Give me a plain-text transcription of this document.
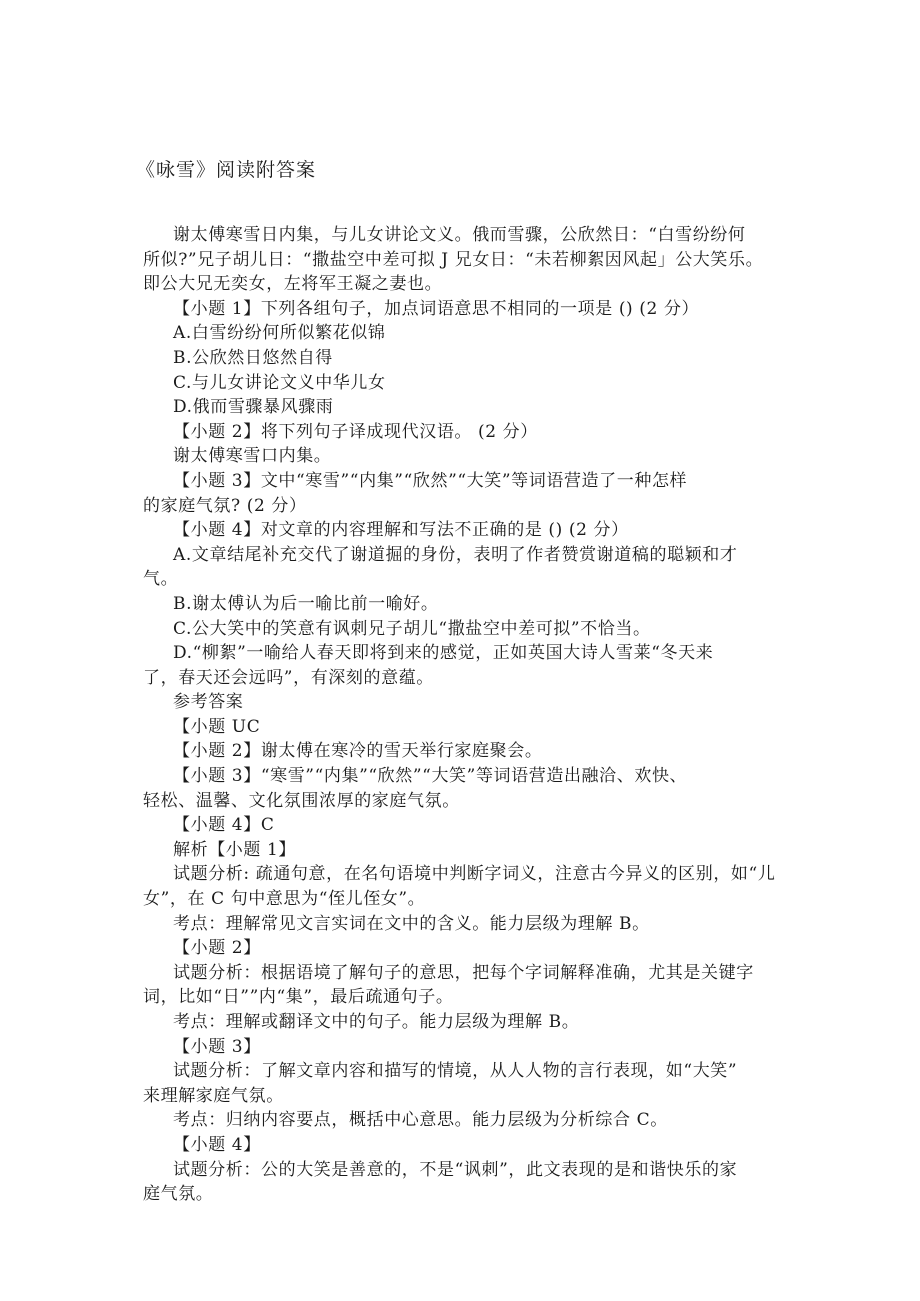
《咏雪》阅读附答案
谢太傅寒雪日内集，与儿女讲论文义。俄而雪骤，公欣然日：“白雪纷纷何
所似?”兄子胡儿日：“撒盐空中差可拟 J 兄女日：“未若柳絮因风起」公大笑乐。
即公大兄无奕女，左将军王凝之妻也。
【小题 1】下列各组句子，加点词语意思不相同的一项是 () (2 分）
A.白雪纷纷何所似繁花似锦
B.公欣然日悠然自得
C.与儿女讲论文义中华儿女
D.俄而雪骤暴风骤雨
【小题 2】将下列句子译成现代汉语。 (2 分）
谢太傅寒雪口内集。
【小题 3】文中“寒雪”“内集”“欣然”“大笑”等词语营造了一种怎样
的家庭气氛? (2 分）
【小题 4】对文章的内容理解和写法不正确的是 () (2 分）
A.文章结尾补充交代了谢道掘的身份，表明了作者赞赏谢道稿的聪颖和才
气。
B.谢太傅认为后一喻比前一喻好。
C.公大笑中的笑意有讽刺兄子胡儿“撒盐空中差可拟”不恰当。
D.“柳絮”一喻给人春天即将到来的感觉，正如英国大诗人雪莱“冬天来
了，春天还会远吗”，有深刻的意蕴。
参考答案
【小题 UC
【小题 2】谢太傅在寒冷的雪天举行家庭聚会。
【小题 3】“寒雪”“内集”“欣然”“大笑”等词语营造出融洽、欢快、
轻松、温馨、文化氛围浓厚的家庭气氛。
【小题 4】C
解析【小题 1】
试题分析: 疏通句意，在名句语境中判断字词义，注意古今异义的区别，如“儿
女”，在 C 句中意思为“侄儿侄女”。
考点：理解常见文言实词在文中的含义。能力层级为理解 B。
【小题 2】
试题分析：根据语境了解句子的意思，把每个字词解释准确，尤其是关键字
词，比如“日””内“集”，最后疏通句子。
考点：理解或翻译文中的句子。能力层级为理解 B。
【小题 3】
试题分析：了解文章内容和描写的情境，从人人物的言行表现，如“大笑”
来理解家庭气氛。
考点：归纳内容要点，概括中心意思。能力层级为分析综合 C。
【小题 4】
试题分析：公的大笑是善意的，不是“讽刺”，此文表现的是和谐快乐的家
庭气氛。
